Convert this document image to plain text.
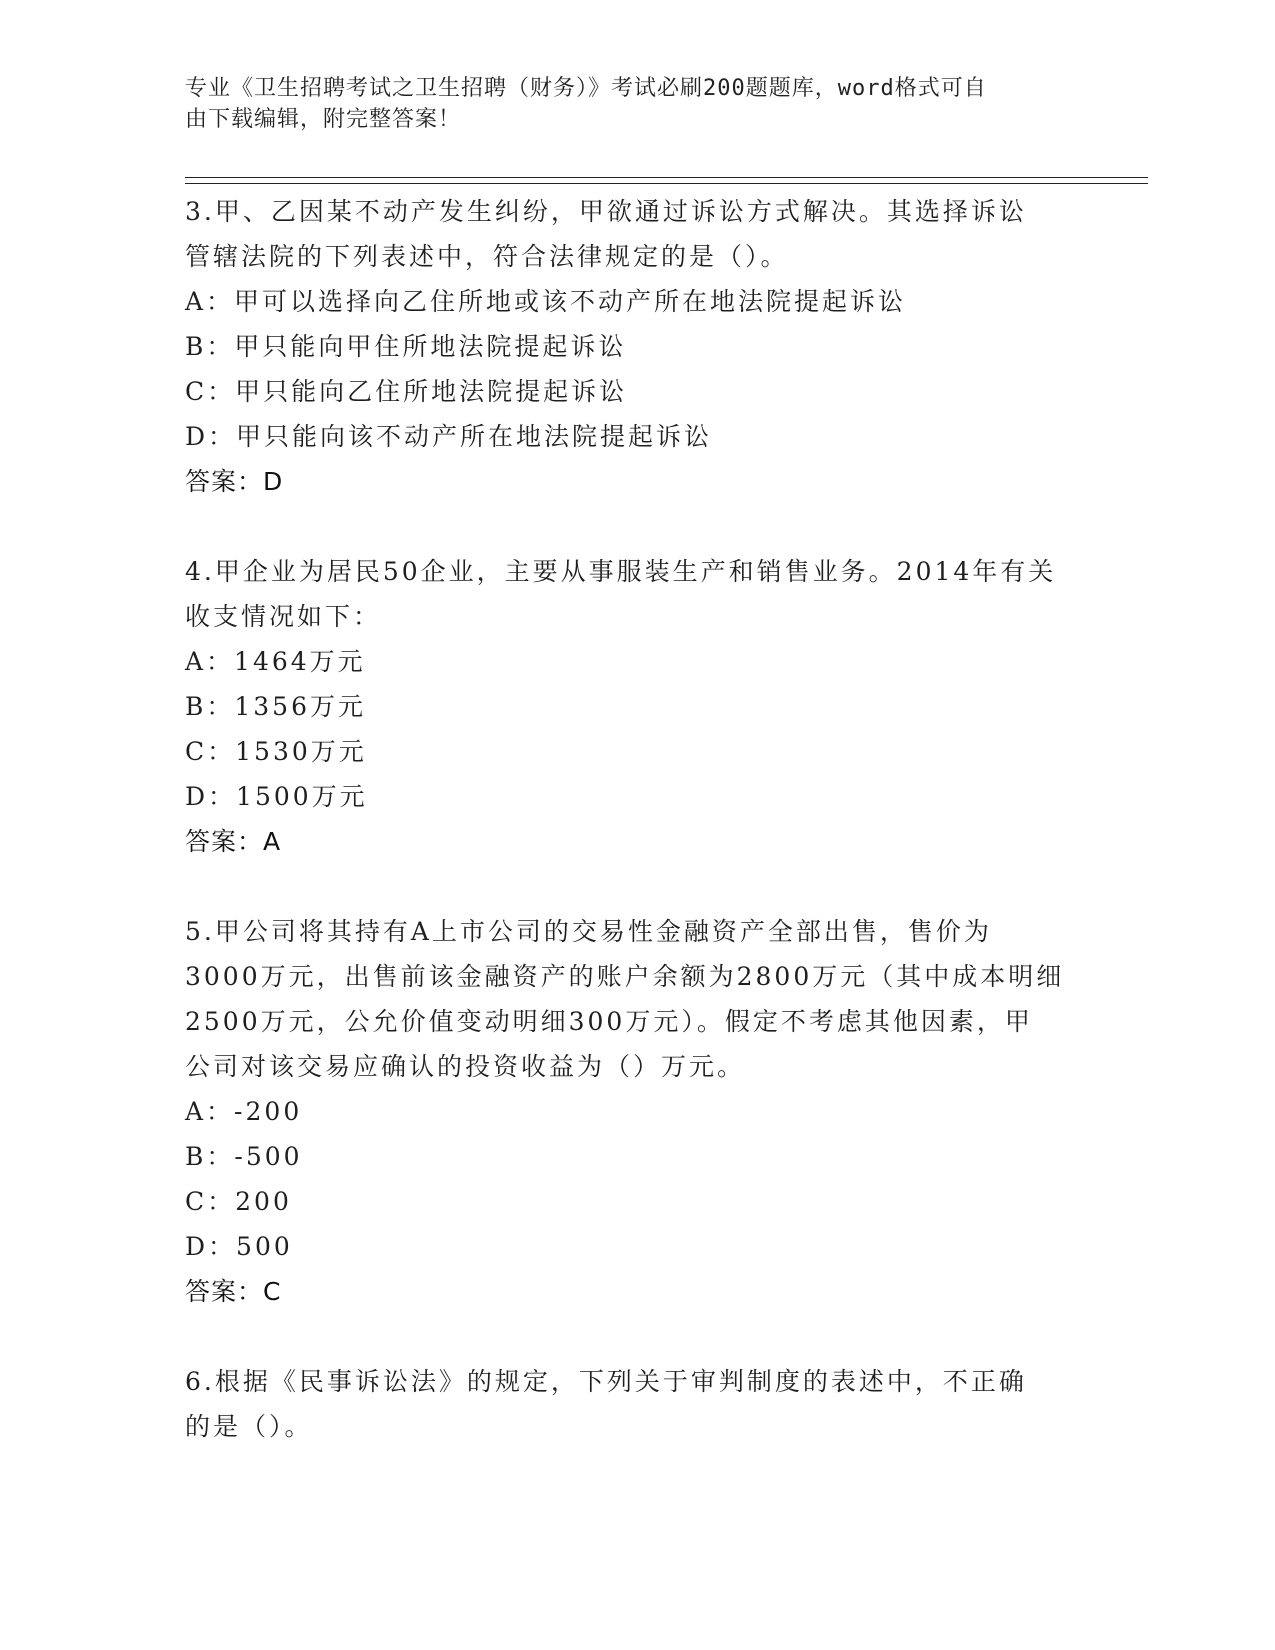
专业《卫生招聘考试之卫生招聘（财务）》考试必刷200题题库，word格式可自
由下载编辑，附完整答案！
3.甲、乙因某不动产发生纠纷，甲欲通过诉讼方式解决。其选择诉讼
管辖法院的下列表述中，符合法律规定的是（）。
A：甲可以选择向乙住所地或该不动产所在地法院提起诉讼
B：甲只能向甲住所地法院提起诉讼
C：甲只能向乙住所地法院提起诉讼
D：甲只能向该不动产所在地法院提起诉讼
答案：D
4.甲企业为居民50企业，主要从事服装生产和销售业务。2014年有关
收支情况如下：
A：1464万元
B：1356万元
C：1530万元
D：1500万元
答案：A
5.甲公司将其持有A上市公司的交易性金融资产全部出售，售价为
3000万元，出售前该金融资产的账户余额为2800万元（其中成本明细
2500万元，公允价值变动明细300万元）。假定不考虑其他因素，甲
公司对该交易应确认的投资收益为（）万元。
A：-200
B：-500
C：200
D：500
答案：C
6.根据《民事诉讼法》的规定，下列关于审判制度的表述中，不正确
的是（）。
